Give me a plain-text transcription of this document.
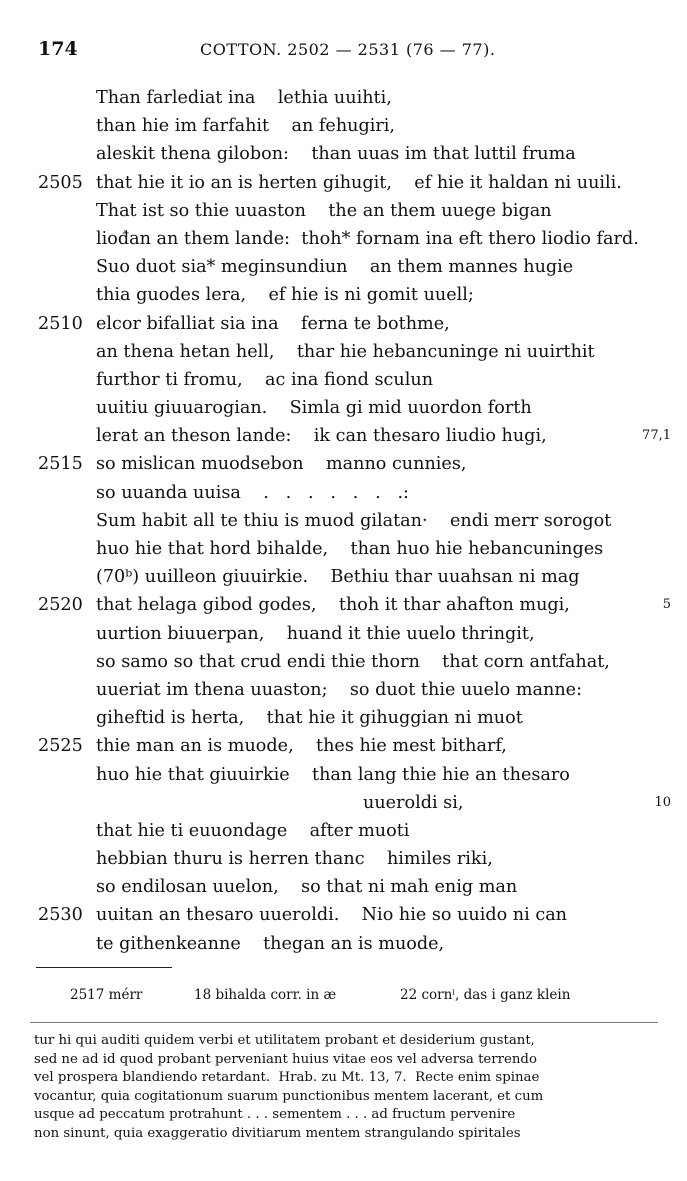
174	COTTON. 2502 — 2531 (76 — 77).
Than farlediat ina    lethia uuihti,
than hie im farfahit    an fehugiri,
aleskit thena gilobon:    than uuas im that luttil fruma
2505 that hie it io an is herten gihugit,    ef hie it haldan ni uuili.
That ist so thie uuaston    the an them uuege bigan
liođan an them lande:  thoh* fornam ina eft thero liodio fard.
Suo duot sia* meginsundiun    an them mannes hugie
thia guodes lera,    ef hie is ni gomit uuell;
2510 elcor bifalliat sia ina    ferna te bothme,
an thena hetan hell,    thar hie hebancuninge ni uuirthit
furthor ti fromu,    ac ina fiond sculun
uuitiu giuuarogian.    Simla gi mid uuordon forth
lerat an theson lande:    ik can thesaro liudio hugi,	77,1
2515 so mislican muodsebon    manno cunnies,
so uuanda uuisa    .   .   .   .   .   .   .:
Sum habit all te thiu is muod gilatan·    endi merr sorogot
huo hie that hord bihalde,    than huo hie hebancuninges
(70ᵇ) uuilleon giuuirkie.    Bethiu thar uuahsan ni mag
2520 that helaga gibod godes,    thoh it thar ahafton mugi,	5
uurtion biuuerpan,    huand it thie uuelo thringit,
so samo so that crud endi thie thorn    that corn antfahat,
uueriat im thena uuaston;    so duot thie uuelo manne:
giheftid is herta,    that hie it gihuggian ni muot
2525 thie man an is muode,    thes hie mest bitharf,
huo hie that giuuirkie    than lang thie hie an thesaro
uueroldi si,	10
that hie ti euuondage    after muoti
hebbian thuru is herren thanc    himiles riki,
so endilosan uuelon,    so that ni mah enig man
2530 uuitan an thesaro uueroldi.    Nio hie so uuido ni can
te githenkeanne    thegan an is muode,
2517 mérr	18 bihalda corr. in æ	22 cornⁱ, das i ganz klein
tur hi qui auditi quidem verbi et utilitatem probant et desiderium gustant,
sed ne ad id quod probant perveniant huius vitae eos vel adversa terrendo
vel prospera blandiendo retardant.  Hrab. zu Mt. 13, 7.  Recte enim spinae
vocantur, quia cogitationum suarum punctionibus mentem lacerant, et cum
usque ad peccatum protrahunt . . . sementem . . . ad fructum pervenire
non sinunt, quia exaggeratio divitiarum mentem strangulando spiritales
